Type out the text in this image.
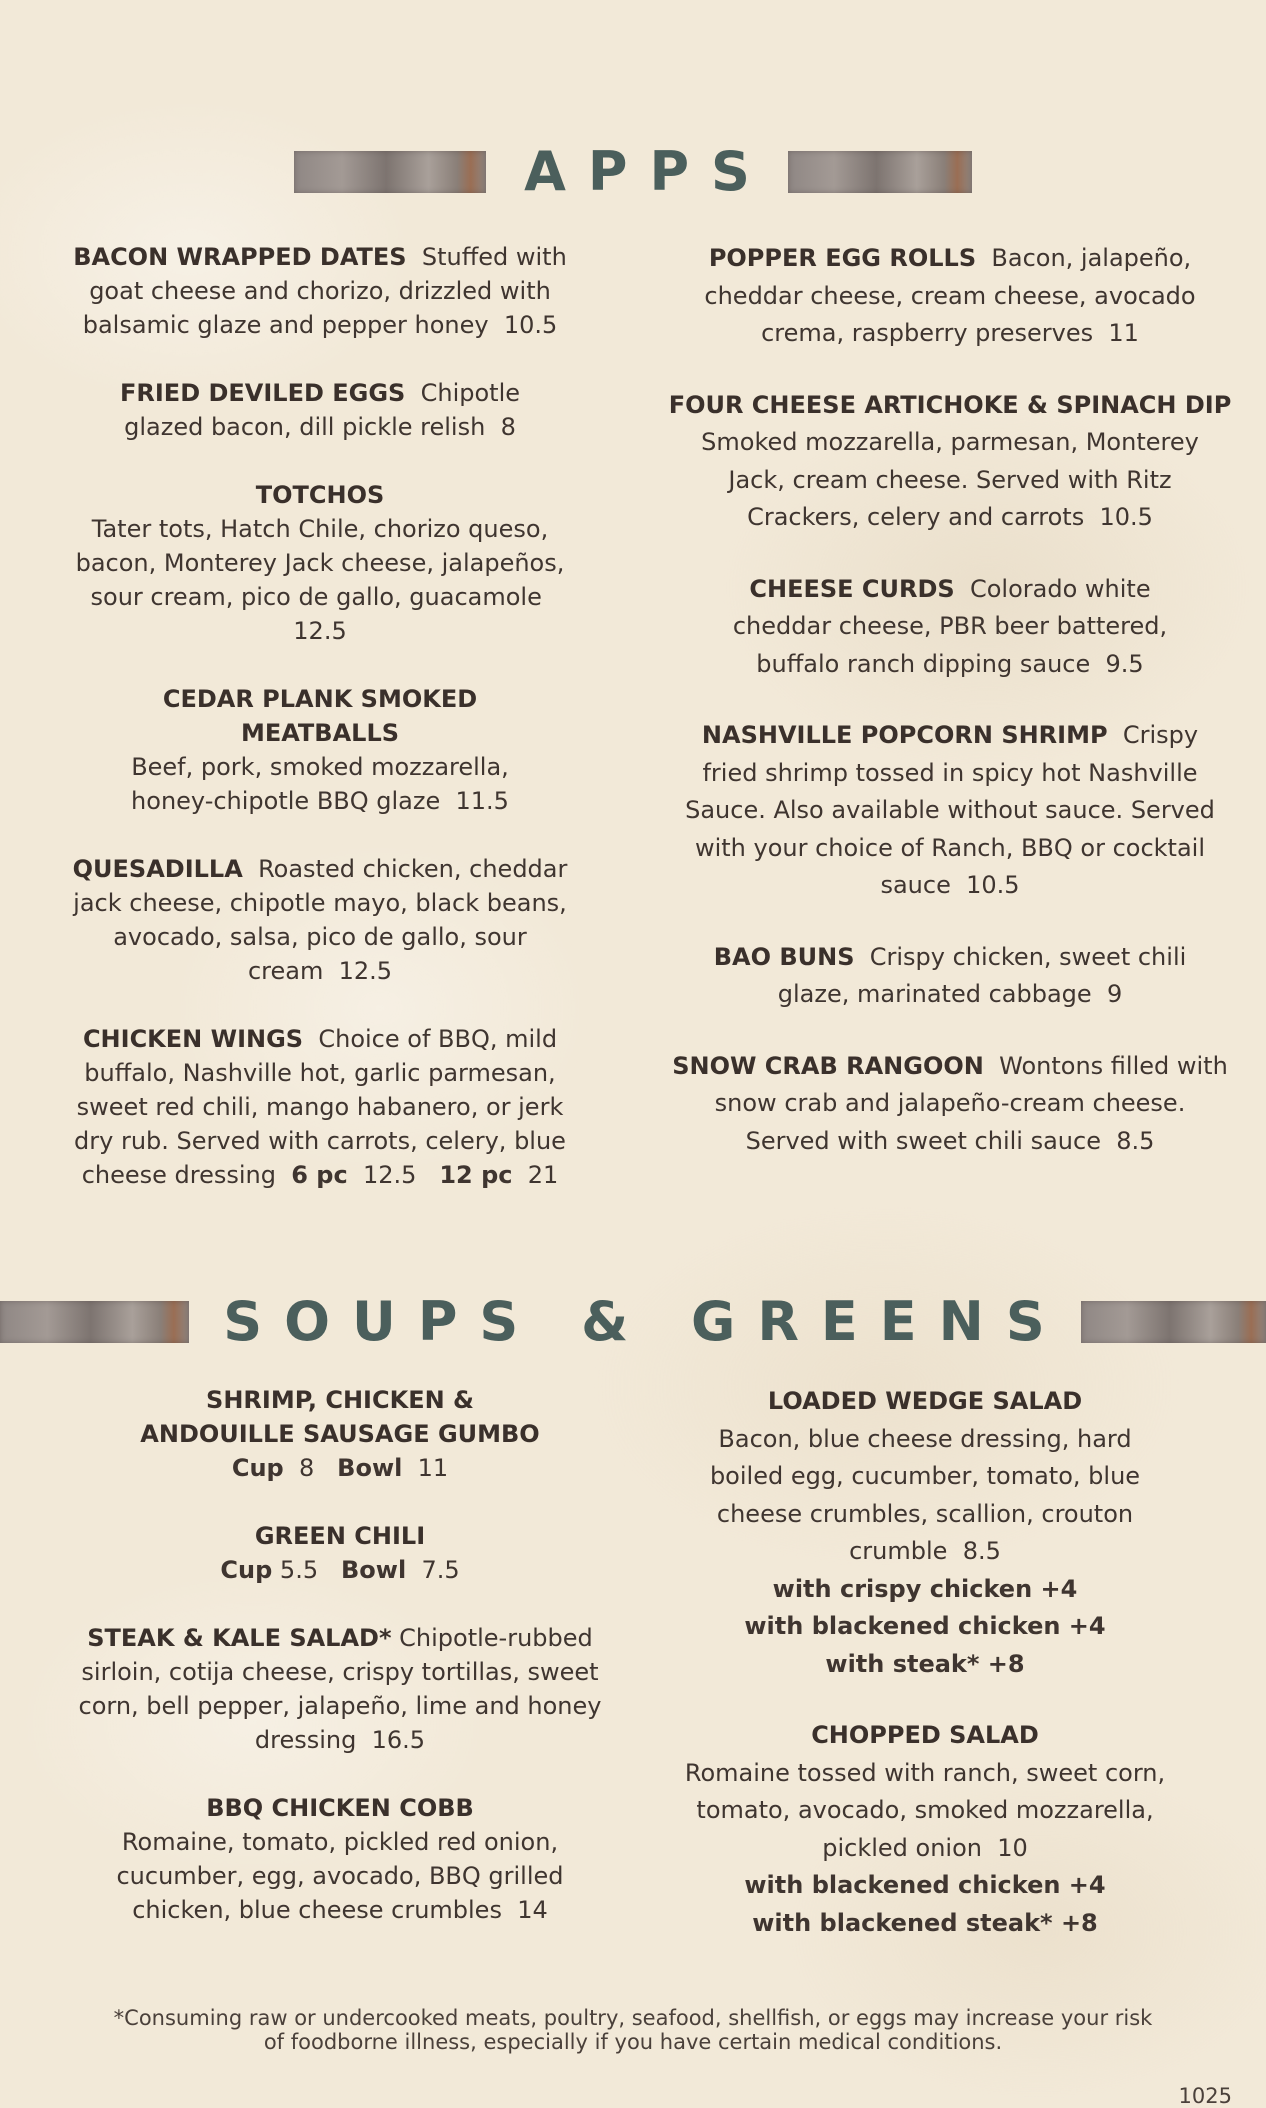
APPS
BACON WRAPPED DATES Stuffed with goat cheese and chorizo, drizzled with balsamic glaze and pepper honey 10.5
FRIED DEVILED EGGS Chipotle glazed bacon, dill pickle relish 8
TOTCHOS
Tater tots, Hatch Chile, chorizo queso, bacon, Monterey Jack cheese, jalapeños, sour cream, pico de gallo, guacamole  12.5
CEDAR PLANK SMOKED MEATBALLS
Beef, pork, smoked mozzarella, honey-chipotle BBQ glaze 11.5
QUESADILLA Roasted chicken, cheddar jack cheese, chipotle mayo, black beans, avocado, salsa, pico de gallo, sour cream 12.5
CHICKEN WINGS Choice of BBQ, mild buffalo, Nashville hot, garlic parmesan, sweet red chili, mango habanero, or jerk dry rub. Served with carrots, celery, blue cheese dressing 6 pc 12.5 12 pc 21
POPPER EGG ROLLS Bacon, jalapeño, cheddar cheese, cream cheese, avocado crema, raspberry preserves 11
FOUR CHEESE ARTICHOKE & SPINACH DIP
Smoked mozzarella, parmesan, Monterey Jack, cream cheese. Served with Ritz Crackers, celery and carrots 10.5
CHEESE CURDS Colorado white cheddar cheese, PBR beer battered, buffalo ranch dipping sauce 9.5
NASHVILLE POPCORN SHRIMP Crispy fried shrimp tossed in spicy hot Nashville Sauce. Also available without sauce. Served with your choice of Ranch, BBQ or cocktail sauce 10.5
BAO BUNS Crispy chicken, sweet chili glaze, marinated cabbage 9
SNOW CRAB RANGOON Wontons filled with snow crab and jalapeño-cream cheese. Served with sweet chili sauce 8.5
SOUPS & GREENS
SHRIMP, CHICKEN & ANDOUILLE SAUSAGE GUMBO
Cup 8 Bowl 11
GREEN CHILI
Cup 5.5 Bowl 7.5
STEAK & KALE SALAD* Chipotle-rubbed sirloin, cotija cheese, crispy tortillas, sweet corn, bell pepper, jalapeño, lime and honey dressing 16.5
BBQ CHICKEN COBB
Romaine, tomato, pickled red onion, cucumber, egg, avocado, BBQ grilled chicken, blue cheese crumbles 14
LOADED WEDGE SALAD
Bacon, blue cheese dressing, hard boiled egg, cucumber, tomato, blue cheese crumbles, scallion, crouton crumble 8.5
with crispy chicken +4
with blackened chicken +4
with steak* +8
CHOPPED SALAD
Romaine tossed with ranch, sweet corn, tomato, avocado, smoked mozzarella, pickled onion 10
with blackened chicken +4
with blackened steak* +8
*Consuming raw or undercooked meats, poultry, seafood, shellfish, or eggs may increase your risk
of foodborne illness, especially if you have certain medical conditions.
1025
